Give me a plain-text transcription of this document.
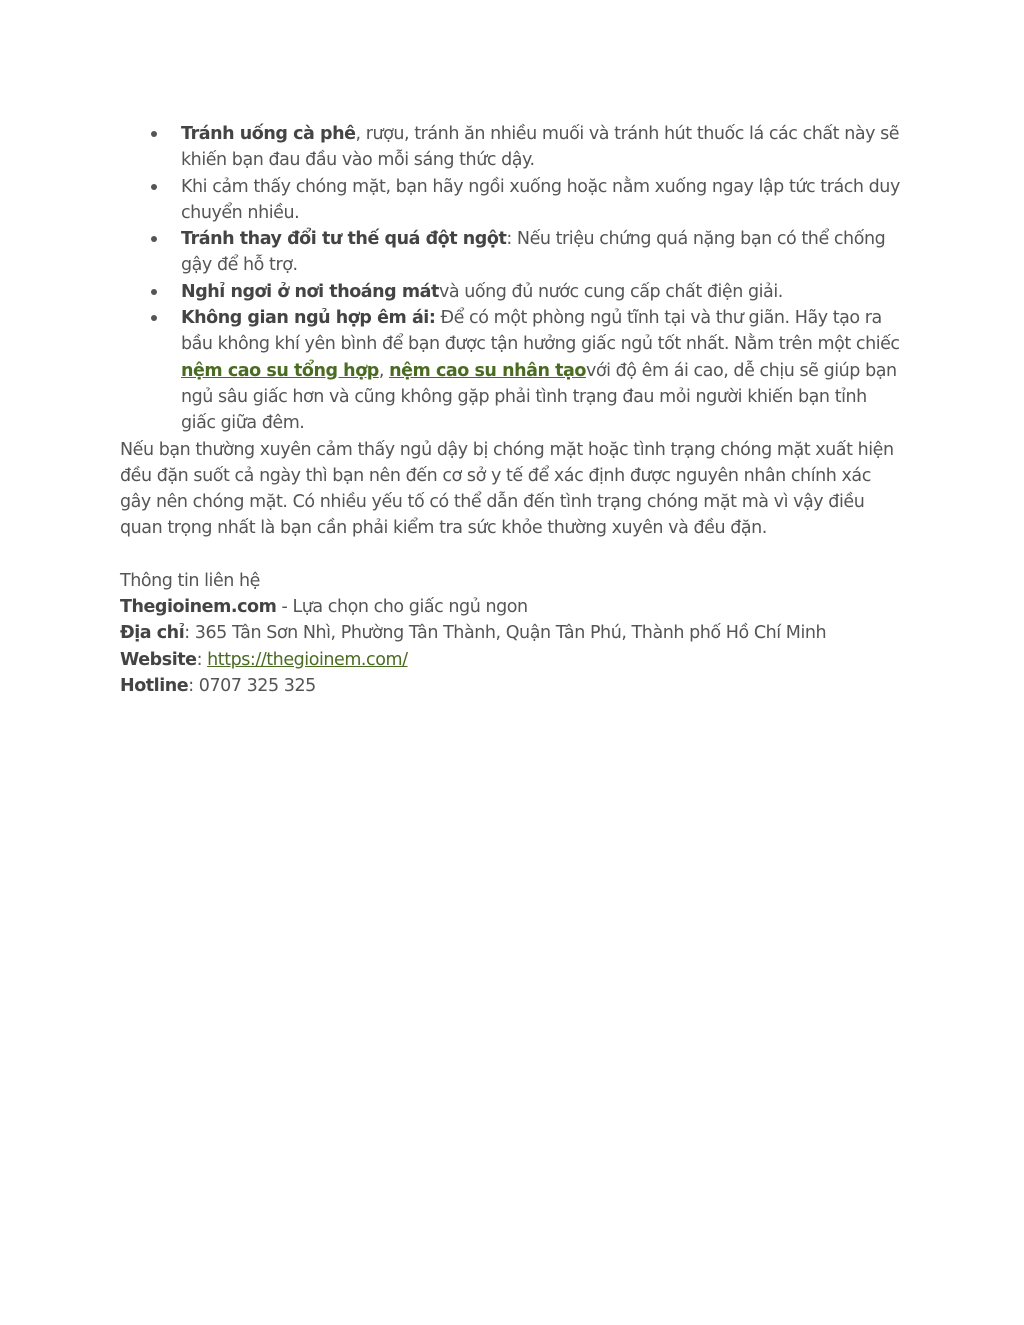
Tránh uống cà phê, rượu, tránh ăn nhiều muối và tránh hút thuốc lá các chất này sẽ khiến bạn đau đầu vào mỗi sáng thức dậy.
Khi cảm thấy chóng mặt, bạn hãy ngồi xuống hoặc nằm xuống ngay lập tức trách duy chuyển nhiều.
Tránh thay đổi tư thế quá đột ngột: Nếu triệu chứng quá nặng bạn có thể chống gậy để hỗ trợ.
Nghỉ ngơi ở nơi thoáng mátvà uống đủ nước cung cấp chất điện giải.
Không gian ngủ hợp êm ái: Để có một phòng ngủ tĩnh tại và thư giãn. Hãy tạo ra bầu không khí yên bình để bạn được tận hưởng giấc ngủ tốt nhất. Nằm trên một chiếc nệm cao su tổng hợp, nệm cao su nhân tạovới độ êm ái cao, dễ chịu sẽ giúp bạn ngủ sâu giấc hơn và cũng không gặp phải tình trạng đau mỏi người khiến bạn tỉnh giấc giữa đêm.

Nếu bạn thường xuyên cảm thấy ngủ dậy bị chóng mặt hoặc tình trạng chóng mặt xuất hiện đều đặn suốt cả ngày thì bạn nên đến cơ sở y tế để xác định được nguyên nhân chính xác gây nên chóng mặt. Có nhiều yếu tố có thể dẫn đến tình trạng chóng mặt mà vì vậy điều quan trọng nhất là bạn cần phải kiểm tra sức khỏe thường xuyên và đều đặn.

Thông tin liên hệ

Thegioinem.com - Lựa chọn cho giấc ngủ ngon

Địa chỉ: 365 Tân Sơn Nhì, Phường Tân Thành, Quận Tân Phú, Thành phố Hồ Chí Minh

Website: https://thegioinem.com/

Hotline: 0707 325 325
